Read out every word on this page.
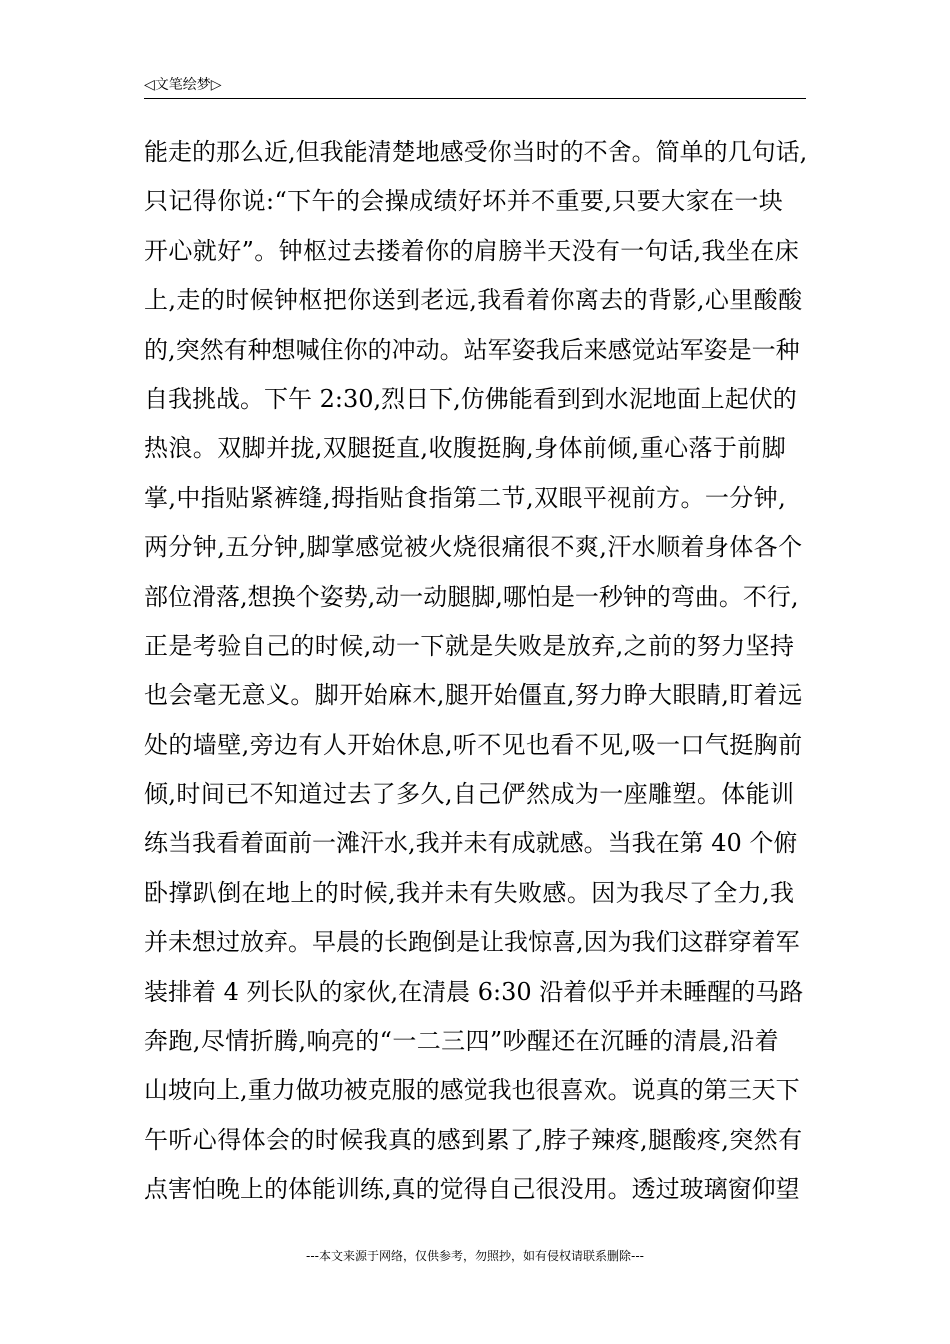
◁文笔绘梦▷
能走的那么近,但我能清楚地感受你当时的不舍。简单的几句话,
只记得你说:“下午的会操成绩好坏并不重要,只要大家在一块
开心就好”。钟枢过去搂着你的肩膀半天没有一句话,我坐在床
上,走的时候钟枢把你送到老远,我看着你离去的背影,心里酸酸
的,突然有种想喊住你的冲动。站军姿我后来感觉站军姿是一种
自我挑战。下午 2:30,烈日下,仿佛能看到到水泥地面上起伏的
热浪。双脚并拢,双腿挺直,收腹挺胸,身体前倾,重心落于前脚
掌,中指贴紧裤缝,拇指贴食指第二节,双眼平视前方。一分钟,
两分钟,五分钟,脚掌感觉被火烧很痛很不爽,汗水顺着身体各个
部位滑落,想换个姿势,动一动腿脚,哪怕是一秒钟的弯曲。不行,
正是考验自己的时候,动一下就是失败是放弃,之前的努力坚持
也会毫无意义。脚开始麻木,腿开始僵直,努力睁大眼睛,盯着远
处的墙壁,旁边有人开始休息,听不见也看不见,吸一口气挺胸前
倾,时间已不知道过去了多久,自己俨然成为一座雕塑。体能训
练当我看着面前一滩汗水,我并未有成就感。当我在第 40 个俯
卧撑趴倒在地上的时候,我并未有失败感。因为我尽了全力,我
并未想过放弃。早晨的长跑倒是让我惊喜,因为我们这群穿着军
装排着 4 列长队的家伙,在清晨 6:30 沿着似乎并未睡醒的马路
奔跑,尽情折腾,响亮的“一二三四”吵醒还在沉睡的清晨,沿着
山坡向上,重力做功被克服的感觉我也很喜欢。说真的第三天下
午听心得体会的时候我真的感到累了,脖子辣疼,腿酸疼,突然有
点害怕晚上的体能训练,真的觉得自己很没用。透过玻璃窗仰望
---本文来源于网络，仅供参考，勿照抄，如有侵权请联系删除---
